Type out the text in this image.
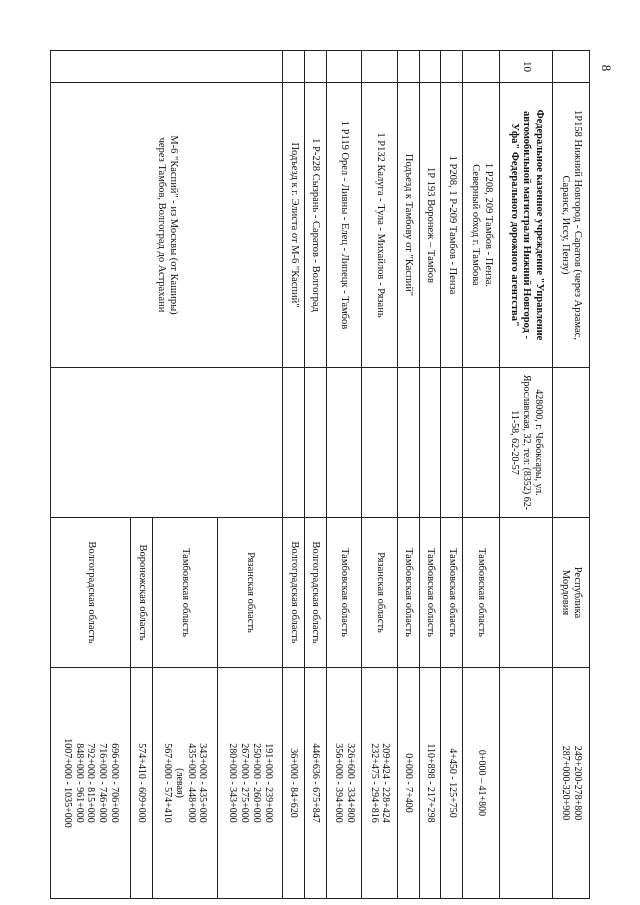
8

	1Р158 Нижний Новгород - Саратов (через Арзамас,
Саранск, Исcу, Пензу)		Республика
Мордовия	249+200-278+800
287+000-320+900

10	Федеральное казенное учреждение "Управление
автомобильной магистрали Нижний Новгород -
Уфа" Федерального дорожного агентства"	428000, г. Чебоксары, ул. Ярославская, 32, тел: (8352) 62-11-58, 62-20-57	

	1 Р208, 209 Тамбов - Пенза.
Северный обход г. Тамбова		Тамбовская область	0+000 – 41+800

	1 Р208, 1 Р-209 Тамбов - Пенза		Тамбовская область	4+450 - 125+750

	1Р 193 Воронеж – Тамбов		Тамбовская область	110+898 - 217+298

	Подъезд к Тамбову от "Каспий"		Тамбовская область	0+000 - 7+400

	1 Р132 Калуга - Тула - Михайлов - Рязань		Рязанская область	209+424 - 228+424
232+475 - 294+816

	1 Р119 Орел - Ливны - Елец - Липецк - Тамбов		Тамбовская область	326+600 - 334+800
356+000 - 394+000

	1 Р-228 Сызрань - Саратов - Волгоград		Волгоградская область	446+636 - 675+847

	Подъезд к г. Элиста от М-6 "Каспий"		Волгоградская область	36+000 - 84+620

	М-6 "Каспий" - из Москвы (от Каширы)
через Тамбов, Волгоград до Астрахани		Рязанская область	191+000 - 239+000
250+000 - 260+000
267+000 - 275+000
280+000 - 343+000

			Тамбовская область	343+000 - 435+000
435+000 - 448+000
(левая)
567+000 - 574+410

			Воронежская область	574+410 - 609+000

			Волгоградская область	696+000 - 706+000
716+000 - 746+000
792+000 - 815+000
848+000 - 961+000
1007+000 - 1035+000
